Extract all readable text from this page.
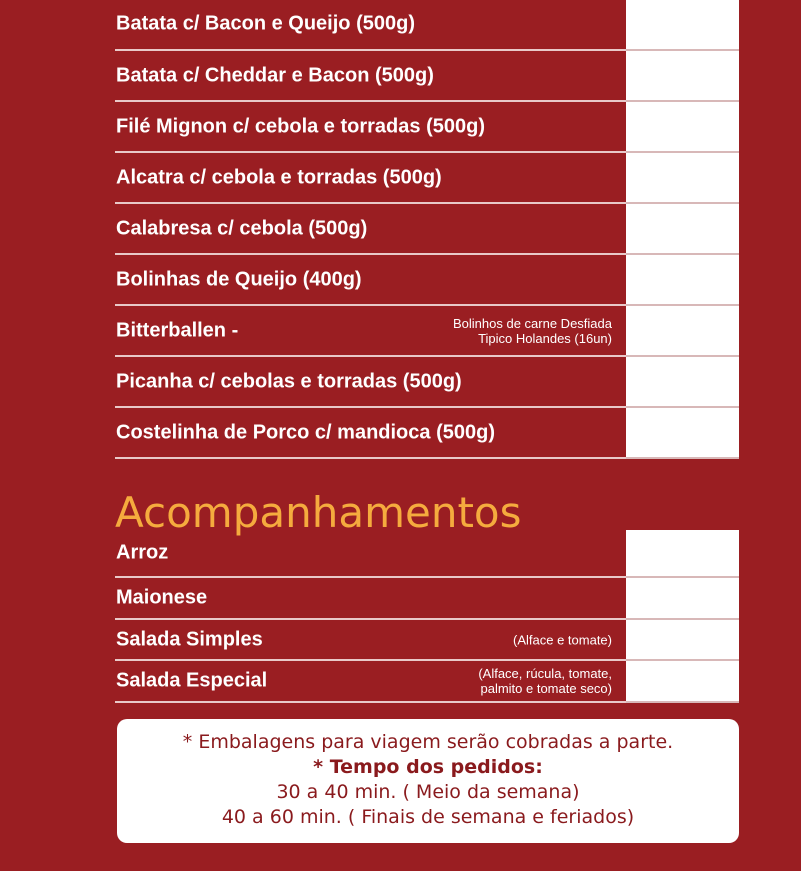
Batata c/ Bacon e Queijo (500g)
Batata c/ Cheddar e Bacon (500g)
Filé Mignon c/ cebola e torradas (500g)
Alcatra c/ cebola e torradas (500g)
Calabresa c/ cebola (500g)
Bolinhas de Queijo (400g)
Bitterballen -	Bolinhos de carne Desfiada
Tipico Holandes (16un)
Picanha c/ cebolas e torradas (500g)
Costelinha de Porco c/ mandioca (500g)
Acompanhamentos
Arroz
Maionese
Salada Simples	(Alface e tomate)
Salada Especial	(Alface, rúcula, tomate,
palmito e tomate seco)
* Embalagens para viagem serão cobradas a parte.
* Tempo dos pedidos:
30 a 40 min. ( Meio da semana)
40 a 60 min. ( Finais de semana e feriados)
